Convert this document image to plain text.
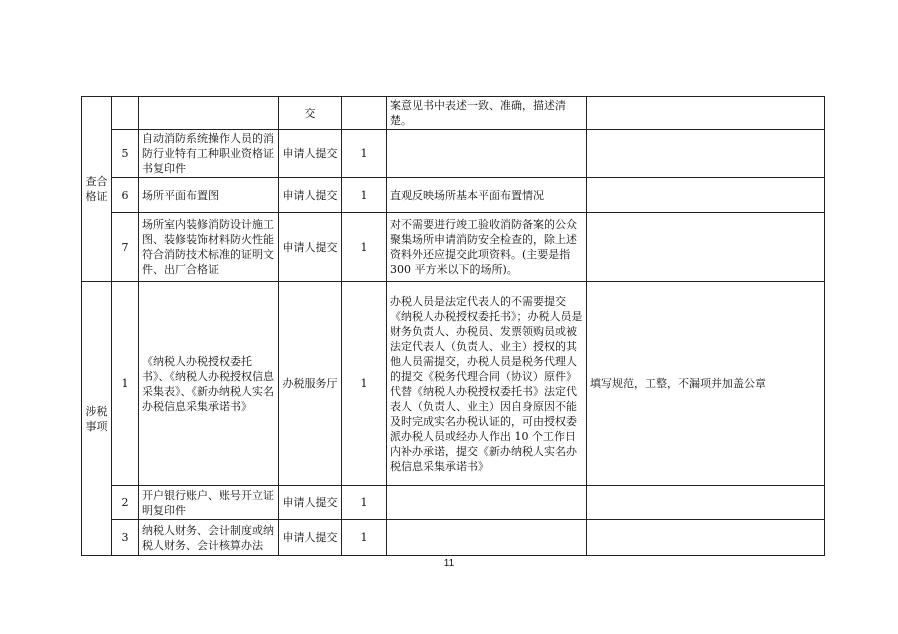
查合格证			交		案意见书中表述一致、准确，描述清楚。	
	5	自动消防系统操作人员的消防行业特有工种职业资格证书复印件	申请人提交	1		
	6	场所平面布置图	申请人提交	1	直观反映场所基本平面布置情况	
	7	场所室内装修消防设计施工图、装修装饰材料防火性能符合消防技术标准的证明文件、出厂合格证	申请人提交	1	对不需要进行竣工验收消防备案的公众聚集场所申请消防安全检查的，除上述资料外还应提交此项资料。(主要是指 300 平方米以下的场所)。	
涉税事项	1	《纳税人办税授权委托书》、《纳税人办税授权信息采集表》、《新办纳税人实名办税信息采集承诺书》	办税服务厅	1	办税人员是法定代表人的不需要提交《纳税人办税授权委托书》；办税人员是财务负责人、办税员、发票领购员或被法定代表人（负责人、业主）授权的其他人员需提交，办税人员是税务代理人的提交《税务代理合同（协议）原件》代替《纳税人办税授权委托书》法定代表人（负责人、业主）因自身原因不能及时完成实名办税认证的，可由授权委派办税人员或经办人作出 10 个工作日内补办承诺，提交《新办纳税人实名办税信息采集承诺书》	填写规范，工整，不漏项并加盖公章
	2	开户银行账户、账号开立证明复印件	申请人提交	1		
	3	纳税人财务、会计制度或纳税人财务、会计核算办法	申请人提交	1		
11
